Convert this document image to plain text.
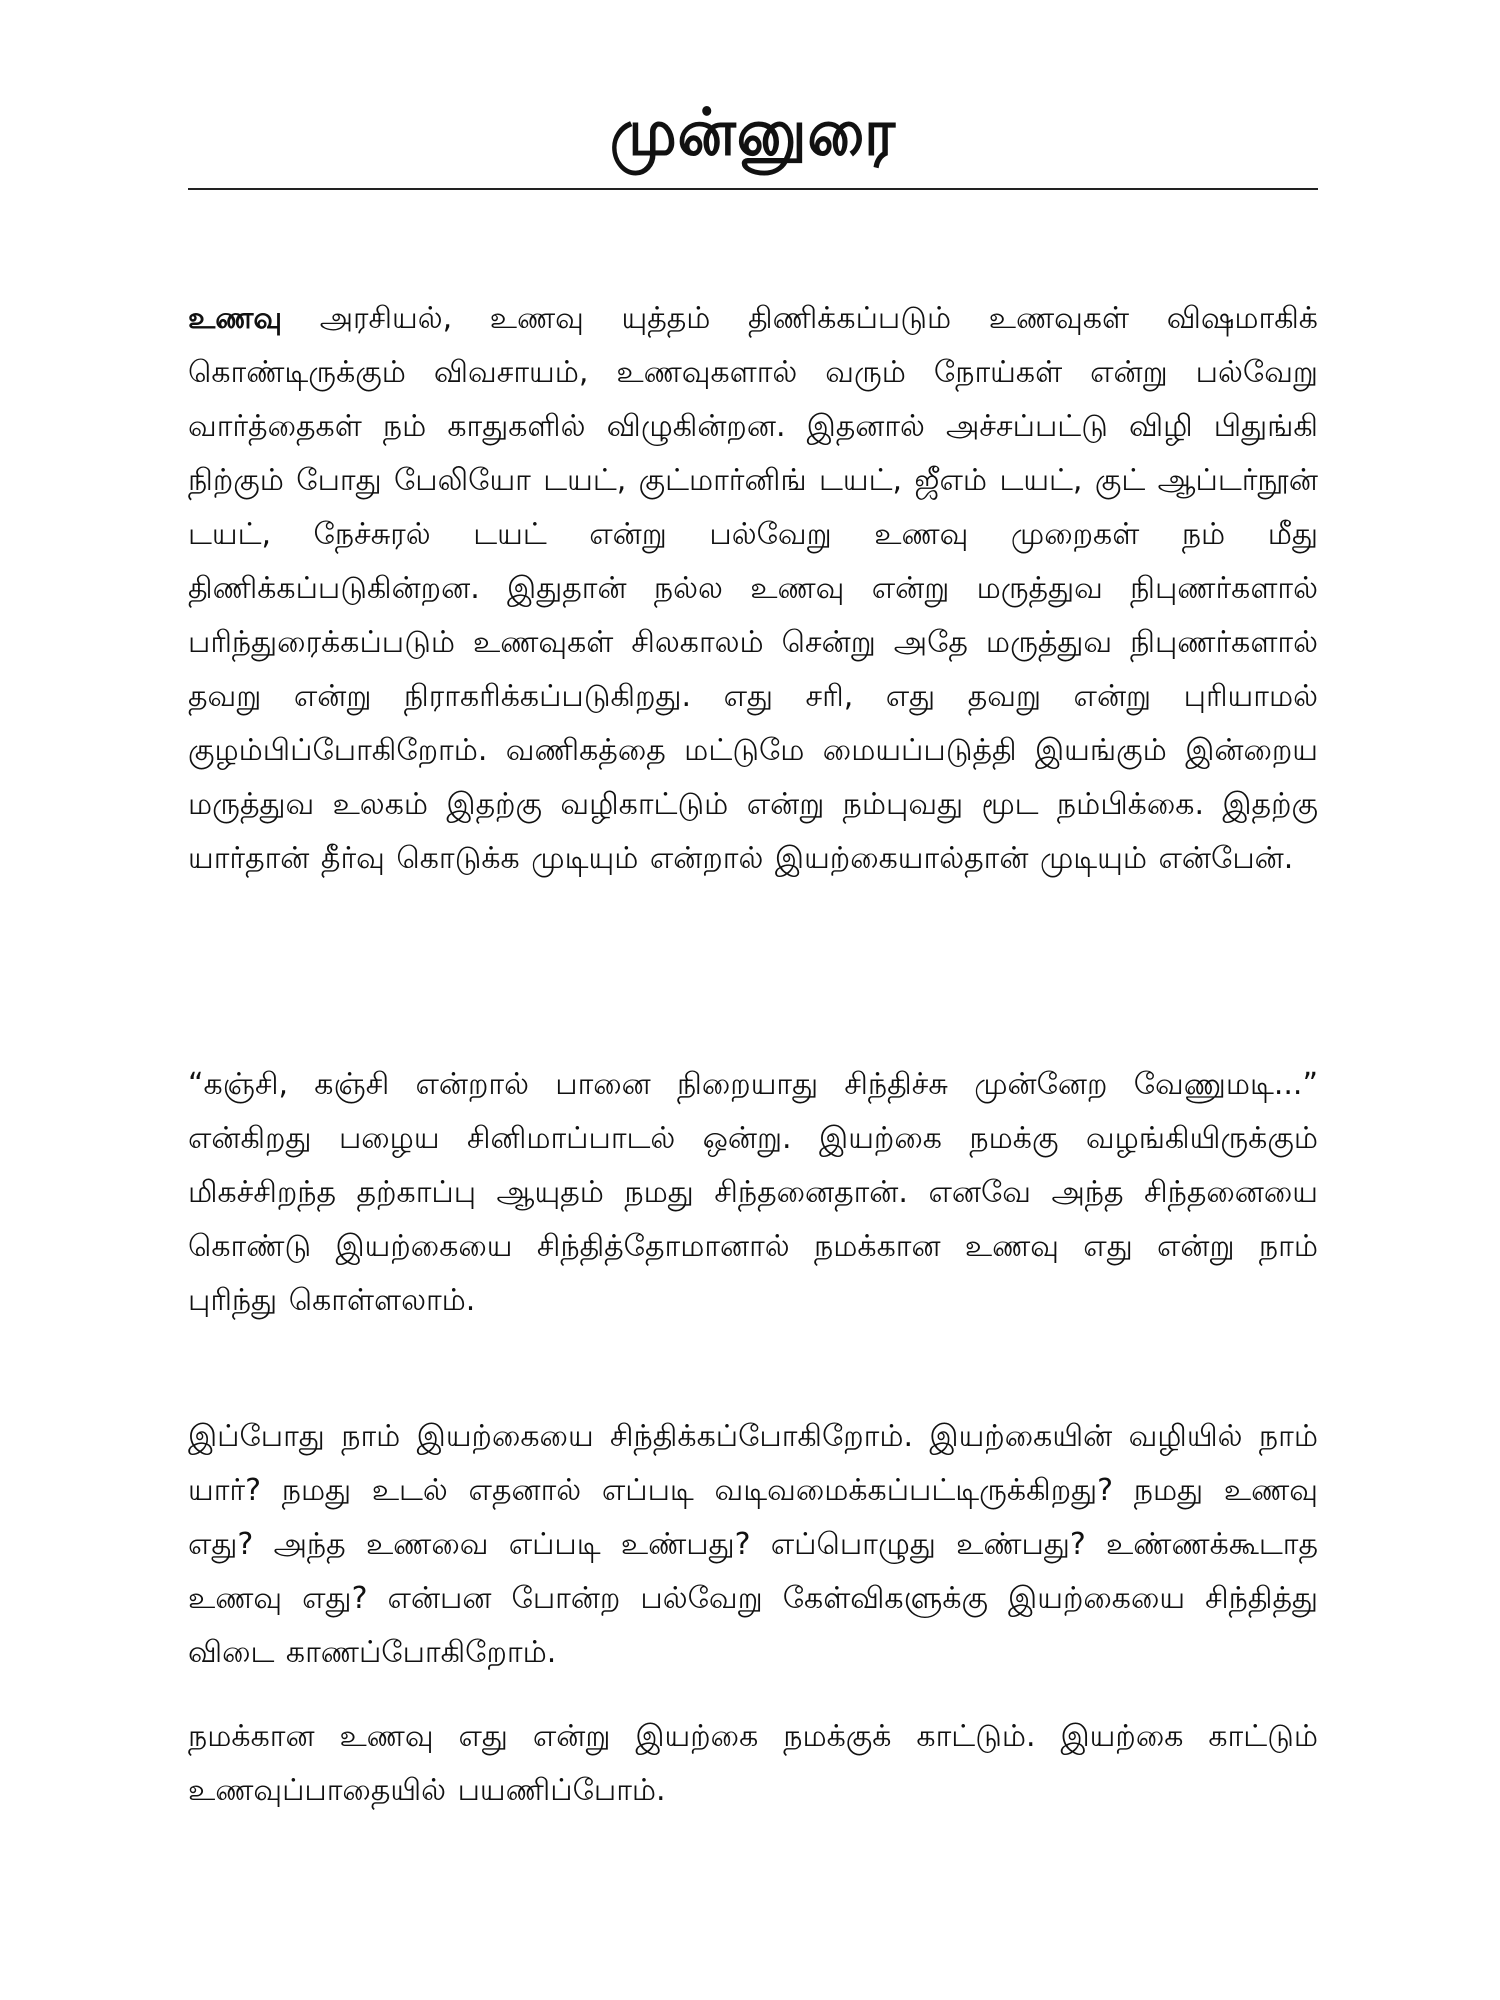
முன்னுரை

உணவு அரசியல், உணவு யுத்தம் திணிக்கப்படும் உணவுகள் விஷமாகிக் கொண்டிருக்கும் விவசாயம், உணவுகளால் வரும் நோய்கள் என்று பல்வேறு வார்த்தைகள் நம் காதுகளில் விழுகின்றன. இதனால் அச்சப்பட்டு விழி பிதுங்கி நிற்கும் போது பேலியோ டயட், குட்மார்னிங் டயட், ஜீஎம் டயட், குட் ஆப்டர்நூன் டயட், நேச்சுரல் டயட் என்று பல்வேறு உணவு முறைகள் நம் மீது திணிக்கப்படுகின்றன. இதுதான் நல்ல உணவு என்று மருத்துவ நிபுணர்களால் பரிந்துரைக்கப்படும் உணவுகள் சிலகாலம் சென்று அதே மருத்துவ நிபுணர்களால் தவறு என்று நிராகரிக்கப்படுகிறது. எது சரி, எது தவறு என்று புரியாமல் குழம்பிப்போகிறோம். வணிகத்தை மட்டுமே மையப்படுத்தி இயங்கும் இன்றைய மருத்துவ உலகம் இதற்கு வழிகாட்டும் என்று நம்புவது மூட நம்பிக்கை. இதற்கு யார்தான் தீர்வு கொடுக்க முடியும் என்றால் இயற்கையால்தான் முடியும் என்பேன்.

“கஞ்சி, கஞ்சி என்றால் பானை நிறையாது சிந்திச்சு முன்னேற வேணுமடி...” என்கிறது பழைய சினிமாப்பாடல் ஒன்று. இயற்கை நமக்கு வழங்கியிருக்கும் மிகச்சிறந்த தற்காப்பு ஆயுதம் நமது சிந்தனைதான். எனவே அந்த சிந்தனையை கொண்டு இயற்கையை சிந்தித்தோமானால் நமக்கான உணவு எது என்று நாம் புரிந்து கொள்ளலாம்.

இப்போது நாம் இயற்கையை சிந்திக்கப்போகிறோம். இயற்கையின் வழியில் நாம் யார்? நமது உடல் எதனால் எப்படி வடிவமைக்கப்பட்டிருக்கிறது? நமது உணவு எது? அந்த உணவை எப்படி உண்பது? எப்பொழுது உண்பது? உண்ணக்கூடாத உணவு எது? என்பன போன்ற பல்வேறு கேள்விகளுக்கு இயற்கையை சிந்தித்து விடை காணப்போகிறோம்.

நமக்கான உணவு எது என்று இயற்கை நமக்குக் காட்டும். இயற்கை காட்டும் உணவுப்பாதையில் பயணிப்போம்.
